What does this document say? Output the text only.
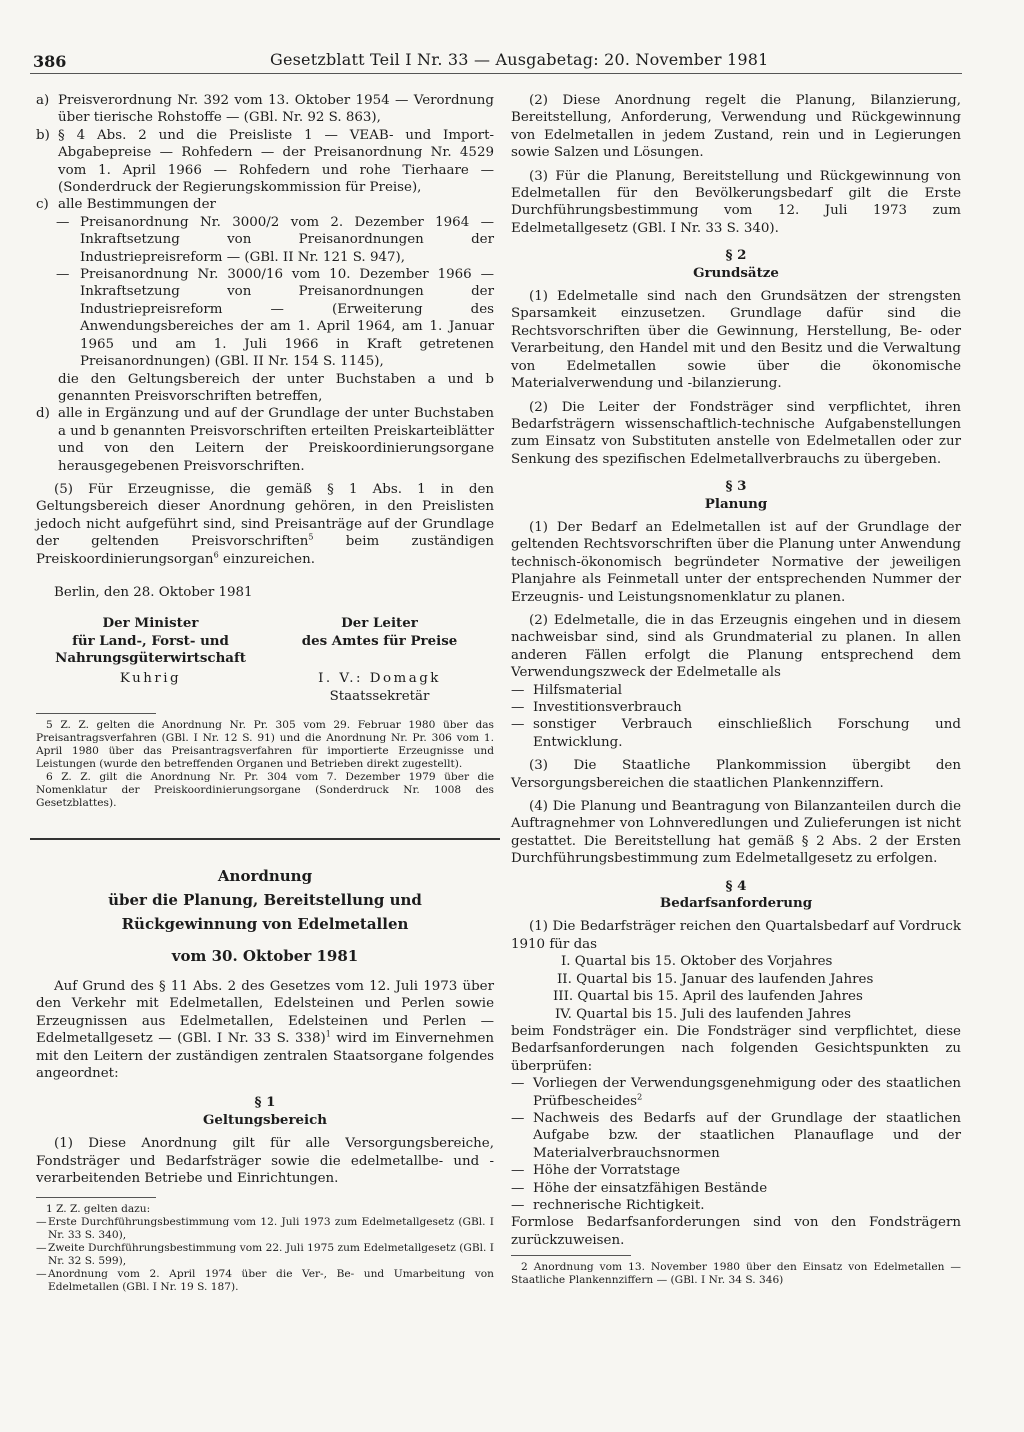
386	Gesetzblatt Teil I Nr. 33 — Ausgabetag: 20. November 1981
a) Preisverordnung Nr. 392 vom 13. Oktober 1954 — Verordnung über tierische Rohstoffe — (GBl. Nr. 92 S. 863),
b) § 4 Abs. 2 und die Preisliste 1 — VEAB- und Import-Abgabepreise — Rohfedern — der Preisanordnung Nr. 4529 vom 1. April 1966 — Rohfedern und rohe Tierhaare — (Sonderdruck der Regierungskommission für Preise),
c) alle Bestimmungen der
— Preisanordnung Nr. 3000/2 vom 2. Dezember 1964 — Inkraftsetzung von Preisanordnungen der Industriepreisreform — (GBl. II Nr. 121 S. 947),
— Preisanordnung Nr. 3000/16 vom 10. Dezember 1966 — Inkraftsetzung von Preisanordnungen der Industriepreisreform — (Erweiterung des Anwendungsbereiches der am 1. April 1964, am 1. Januar 1965 und am 1. Juli 1966 in Kraft getretenen Preisanordnungen) (GBl. II Nr. 154 S. 1145),

die den Geltungsbereich der unter Buchstaben a und b genannten Preisvorschriften betreffen,

d) alle in Ergänzung und auf der Grundlage der unter Buchstaben a und b genannten Preisvorschriften erteilten Preiskarteiblätter und von den Leitern der Preiskoordinierungsorgane herausgegebenen Preisvorschriften.

(5) Für Erzeugnisse, die gemäß § 1 Abs. 1 in den Geltungsbereich dieser Anordnung gehören, in den Preislisten jedoch nicht aufgeführt sind, sind Preisanträge auf der Grundlage der geltenden Preisvorschriften$^5$ beim zuständigen Preiskoordinierungsorgan$^6$ einzureichen.

Berlin, den 28. Oktober 1981

Der Minister
für Land-, Forst- und
Nahrungsgüterwirtschaft
Kuhrig
Der Leiter
des Amtes für Preise
I. V.: Domagk
Staatssekretär

5 Z. Z. gelten die Anordnung Nr. Pr. 305 vom 29. Februar 1980 über das Preisantragsverfahren (GBl. I Nr. 12 S. 91) und die Anordnung Nr. Pr. 306 vom 1. April 1980 über das Preisantragsverfahren für importierte Erzeugnisse und Leistungen (wurde den betreffenden Organen und Betrieben direkt zugestellt).

6 Z. Z. gilt die Anordnung Nr. Pr. 304 vom 7. Dezember 1979 über die Nomenklatur der Preiskoordinierungsorgane (Sonderdruck Nr. 1008 des Gesetzblattes).

Anordnung
über die Planung, Bereitstellung und
Rückgewinnung von Edelmetallen
vom 30. Oktober 1981

Auf Grund des § 11 Abs. 2 des Gesetzes vom 12. Juli 1973 über den Verkehr mit Edelmetallen, Edelsteinen und Perlen sowie Erzeugnissen aus Edelmetallen, Edelsteinen und Perlen — Edelmetallgesetz — (GBl. I Nr. 33 S. 338)$^1$ wird im Einvernehmen mit den Leitern der zuständigen zentralen Staatsorgane folgendes angeordnet:

§ 1
Geltungsbereich

(1) Diese Anordnung gilt für alle Versorgungsbereiche, Fondsträger und Bedarfsträger sowie die edelmetallbe- und -verarbeitenden Betriebe und Einrichtungen.

1 Z. Z. gelten dazu:

— Erste Durchführungsbestimmung vom 12. Juli 1973 zum Edelmetallgesetz (GBl. I Nr. 33 S. 340),
— Zweite Durchführungsbestimmung vom 22. Juli 1975 zum Edelmetallgesetz (GBl. I Nr. 32 S. 599),
— Anordnung vom 2. April 1974 über die Ver-, Be- und Umarbeitung von Edelmetallen (GBl. I Nr. 19 S. 187).

(2) Diese Anordnung regelt die Planung, Bilanzierung, Bereitstellung, Anforderung, Verwendung und Rückgewinnung von Edelmetallen in jedem Zustand, rein und in Legierungen sowie Salzen und Lösungen.

(3) Für die Planung, Bereitstellung und Rückgewinnung von Edelmetallen für den Bevölkerungsbedarf gilt die Erste Durchführungsbestimmung vom 12. Juli 1973 zum Edelmetallgesetz (GBl. I Nr. 33 S. 340).

§ 2
Grundsätze

(1) Edelmetalle sind nach den Grundsätzen der strengsten Sparsamkeit einzusetzen. Grundlage dafür sind die Rechtsvorschriften über die Gewinnung, Herstellung, Be- oder Verarbeitung, den Handel mit und den Besitz und die Verwaltung von Edelmetallen sowie über die ökonomische Materialverwendung und -bilanzierung.

(2) Die Leiter der Fondsträger sind verpflichtet, ihren Bedarfsträgern wissenschaftlich-technische Aufgabenstellungen zum Einsatz von Substituten anstelle von Edelmetallen oder zur Senkung des spezifischen Edelmetallverbrauchs zu übergeben.

§ 3
Planung

(1) Der Bedarf an Edelmetallen ist auf der Grundlage der geltenden Rechtsvorschriften über die Planung unter Anwendung technisch-ökonomisch begründeter Normative der jeweiligen Planjahre als Feinmetall unter der entsprechenden Nummer der Erzeugnis- und Leistungsnomenklatur zu planen.

(2) Edelmetalle, die in das Erzeugnis eingehen und in diesem nachweisbar sind, sind als Grundmaterial zu planen. In allen anderen Fällen erfolgt die Planung entsprechend dem Verwendungszweck der Edelmetalle als

— Hilfsmaterial
— Investitionsverbrauch
— sonstiger Verbrauch einschließlich Forschung und Entwicklung.

(3) Die Staatliche Plankommission übergibt den Versorgungsbereichen die staatlichen Plankennziffern.

(4) Die Planung und Beantragung von Bilanzanteilen durch die Auftragnehmer von Lohnveredlungen und Zulieferungen ist nicht gestattet. Die Bereitstellung hat gemäß § 2 Abs. 2 der Ersten Durchführungsbestimmung zum Edelmetallgesetz zu erfolgen.

§ 4
Bedarfsanforderung

(1) Die Bedarfsträger reichen den Quartalsbedarf auf Vordruck 1910 für das

I. Quartal bis 15. Oktober des Vorjahres
II. Quartal bis 15. Januar des laufenden Jahres
III. Quartal bis 15. April des laufenden Jahres
IV. Quartal bis 15. Juli des laufenden Jahres

beim Fondsträger ein. Die Fondsträger sind verpflichtet, diese Bedarfsanforderungen nach folgenden Gesichtspunkten zu überprüfen:

— Vorliegen der Verwendungsgenehmigung oder des staatlichen Prüfbescheides$^2$
— Nachweis des Bedarfs auf der Grundlage der staatlichen Aufgabe bzw. der staatlichen Planauflage und der Materialverbrauchsnormen
— Höhe der Vorratstage
— Höhe der einsatzfähigen Bestände
— rechnerische Richtigkeit.

Formlose Bedarfsanforderungen sind von den Fondsträgern zurückzuweisen.

2 Anordnung vom 13. November 1980 über den Einsatz von Edelmetallen — Staatliche Plankennziffern — (GBl. I Nr. 34 S. 346)
